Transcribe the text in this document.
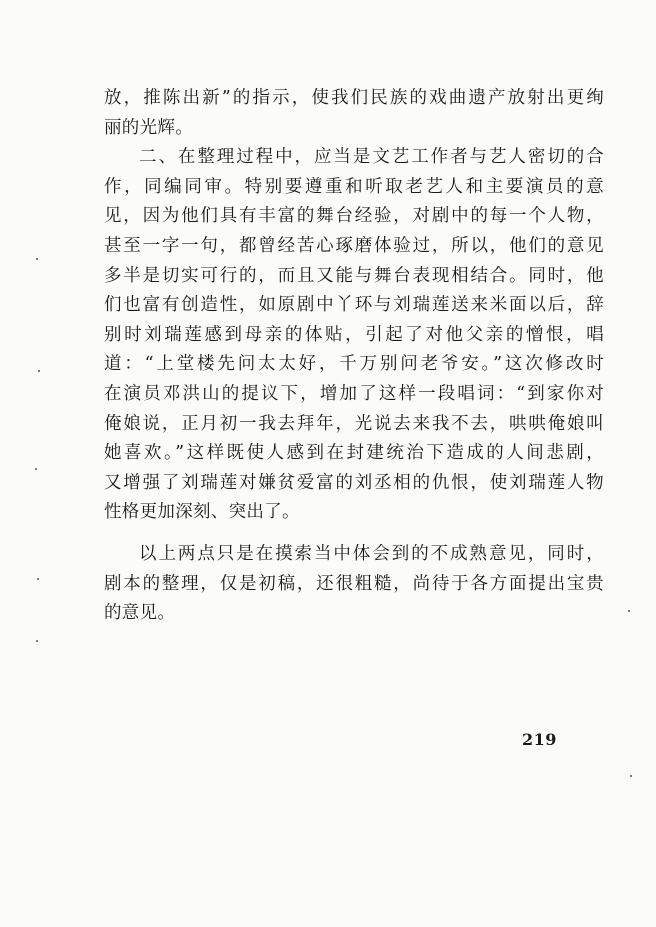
放，推陈出新”的指示，使我们民族的戏曲遗产放射出更绚
丽的光辉。
二、在整理过程中，应当是文艺工作者与艺人密切的合
作，同编同审。特别要遵重和听取老艺人和主要演员的意
见，因为他们具有丰富的舞台经验，对剧中的每一个人物，
甚至一字一句，都曾经苦心琢磨体验过，所以，他们的意见
多半是切实可行的，而且又能与舞台表现相结合。同时，他
们也富有创造性，如原剧中丫环与刘瑞莲送来米面以后，辞
别时刘瑞莲感到母亲的体贴，引起了对他父亲的憎恨，唱
道：“上堂楼先问太太好，千万别问老爷安。”这次修改时
在演员邓洪山的提议下，增加了这样一段唱词：“到家你对
俺娘说，正月初一我去拜年，光说去来我不去，哄哄俺娘叫
她喜欢。”这样既使人感到在封建统治下造成的人间悲剧，
又增强了刘瑞莲对嫌贫爱富的刘丞相的仇恨，使刘瑞莲人物
性格更加深刻、突出了。
以上两点只是在摸索当中体会到的不成熟意见，同时，
剧本的整理，仅是初稿，还很粗糙，尚待于各方面提出宝贵
的意见。
219
